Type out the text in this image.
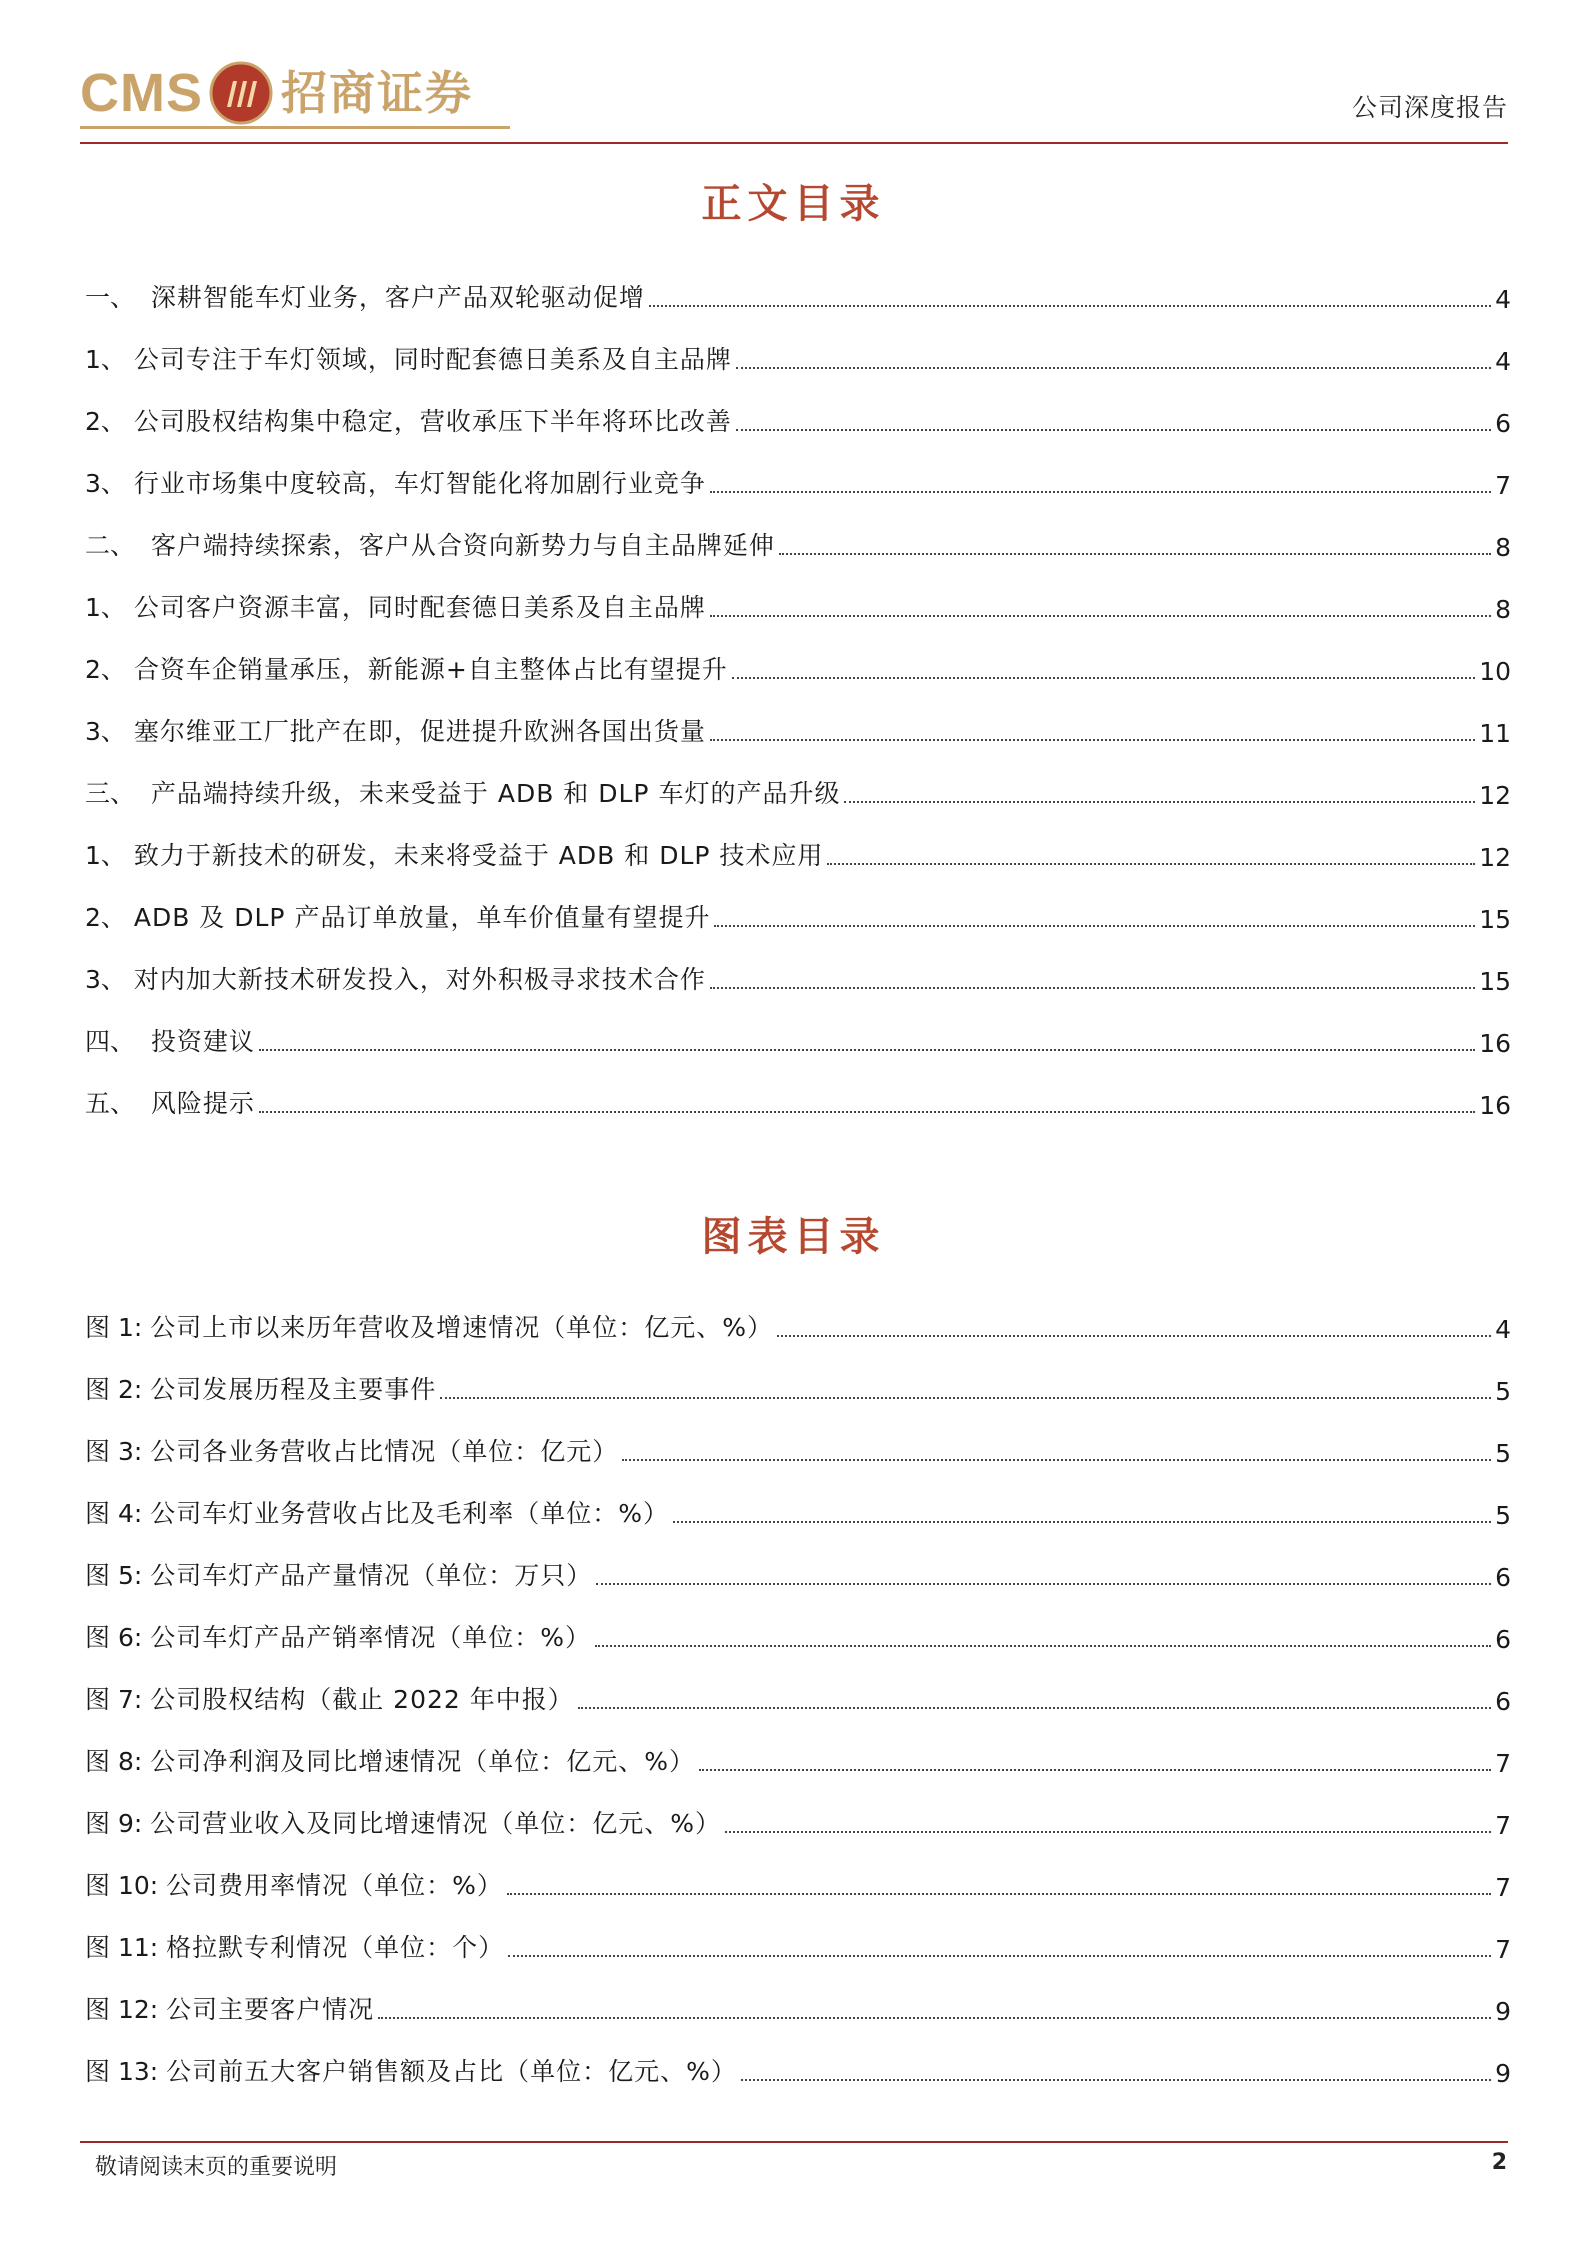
CMS 招商证券	公司深度报告
正文目录
一、 深耕智能车灯业务，客户产品双轮驱动促增	4
1、 公司专注于车灯领域，同时配套德日美系及自主品牌	4
2、 公司股权结构集中稳定，营收承压下半年将环比改善	6
3、 行业市场集中度较高，车灯智能化将加剧行业竞争	7
二、 客户端持续探索，客户从合资向新势力与自主品牌延伸	8
1、 公司客户资源丰富，同时配套德日美系及自主品牌	8
2、 合资车企销量承压，新能源+自主整体占比有望提升	10
3、 塞尔维亚工厂批产在即，促进提升欧洲各国出货量	11
三、 产品端持续升级，未来受益于 ADB 和 DLP 车灯的产品升级	12
1、 致力于新技术的研发，未来将受益于 ADB 和 DLP 技术应用	12
2、 ADB 及 DLP 产品订单放量，单车价值量有望提升	15
3、 对内加大新技术研发投入，对外积极寻求技术合作	15
四、 投资建议	16
五、 风险提示	16
图表目录
图 1: 公司上市以来历年营收及增速情况（单位：亿元、%）	4
图 2: 公司发展历程及主要事件	5
图 3: 公司各业务营收占比情况（单位：亿元）	5
图 4: 公司车灯业务营收占比及毛利率（单位：%）	5
图 5: 公司车灯产品产量情况（单位：万只）	6
图 6: 公司车灯产品产销率情况（单位：%）	6
图 7: 公司股权结构（截止 2022 年中报）	6
图 8: 公司净利润及同比增速情况（单位：亿元、%）	7
图 9: 公司营业收入及同比增速情况（单位：亿元、%）	7
图 10: 公司费用率情况（单位：%）	7
图 11: 格拉默专利情况（单位：个）	7
图 12: 公司主要客户情况	9
图 13: 公司前五大客户销售额及占比（单位：亿元、%）	9
敬请阅读末页的重要说明	2
